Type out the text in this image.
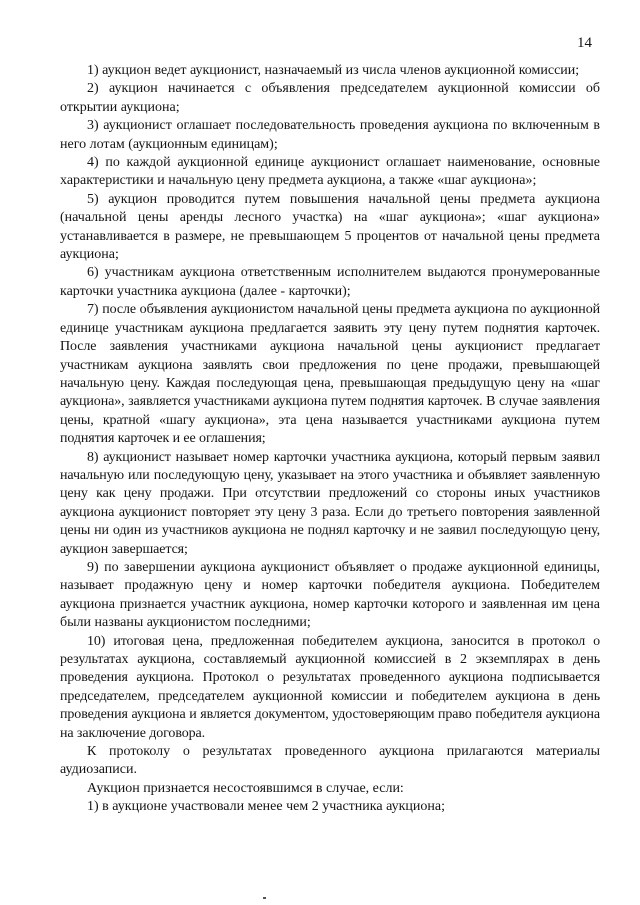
14

1) аукцион ведет аукционист, назначаемый из числа членов аукционной комиссии;

2) аукцион начинается с объявления председателем аукционной комиссии об открытии аукциона;

3) аукционист оглашает последовательность проведения аукциона по включенным в него лотам (аукционным единицам);

4) по каждой аукционной единице аукционист оглашает наименование, основные характеристики и начальную цену предмета аукциона, а также «шаг аукциона»;

5) аукцион проводится путем повышения начальной цены предмета аукциона (начальной цены аренды лесного участка) на «шаг аукциона»; «шаг аукциона» устанавливается в размере, не превышающем 5 процентов от начальной цены предмета аукциона;

6) участникам аукциона ответственным исполнителем выдаются пронумерованные карточки участника аукциона (далее - карточки);

7) после объявления аукционистом начальной цены предмета аукциона по аукционной единице участникам аукциона предлагается заявить эту цену путем поднятия карточек. После заявления участниками аукциона начальной цены аукционист предлагает участникам аукциона заявлять свои предложения по цене продажи, превышающей начальную цену. Каждая последующая цена, превышающая предыдущую цену на «шаг аукциона», заявляется участниками аукциона путем поднятия карточек. В случае заявления цены, кратной «шагу аукциона», эта цена называется участниками аукциона путем поднятия карточек и ее оглашения;

8) аукционист называет номер карточки участника аукциона, который первым заявил начальную или последующую цену, указывает на этого участника и объявляет заявленную цену как цену продажи. При отсутствии предложений со стороны иных участников аукциона аукционист повторяет эту цену 3 раза. Если до третьего повторения заявленной цены ни один из участников аукциона не поднял карточку и не заявил последующую цену, аукцион завершается;

9) по завершении аукциона аукционист объявляет о продаже аукционной единицы, называет продажную цену и номер карточки победителя аукциона. Победителем аукциона признается участник аукциона, номер карточки которого и заявленная им цена были названы аукционистом последними;

10) итоговая цена, предложенная победителем аукциона, заносится в протокол о результатах аукциона, составляемый аукционной комиссией в 2 экземплярах в день проведения аукциона. Протокол о результатах проведенного аукциона подписывается председателем, председателем аукционной комиссии и победителем аукциона в день проведения аукциона и является документом, удостоверяющим право победителя аукциона на заключение договора.

К протоколу о результатах проведенного аукциона прилагаются материалы аудиозаписи.

Аукцион признается несостоявшимся в случае, если:

1) в аукционе участвовали менее чем 2 участника аукциона;
